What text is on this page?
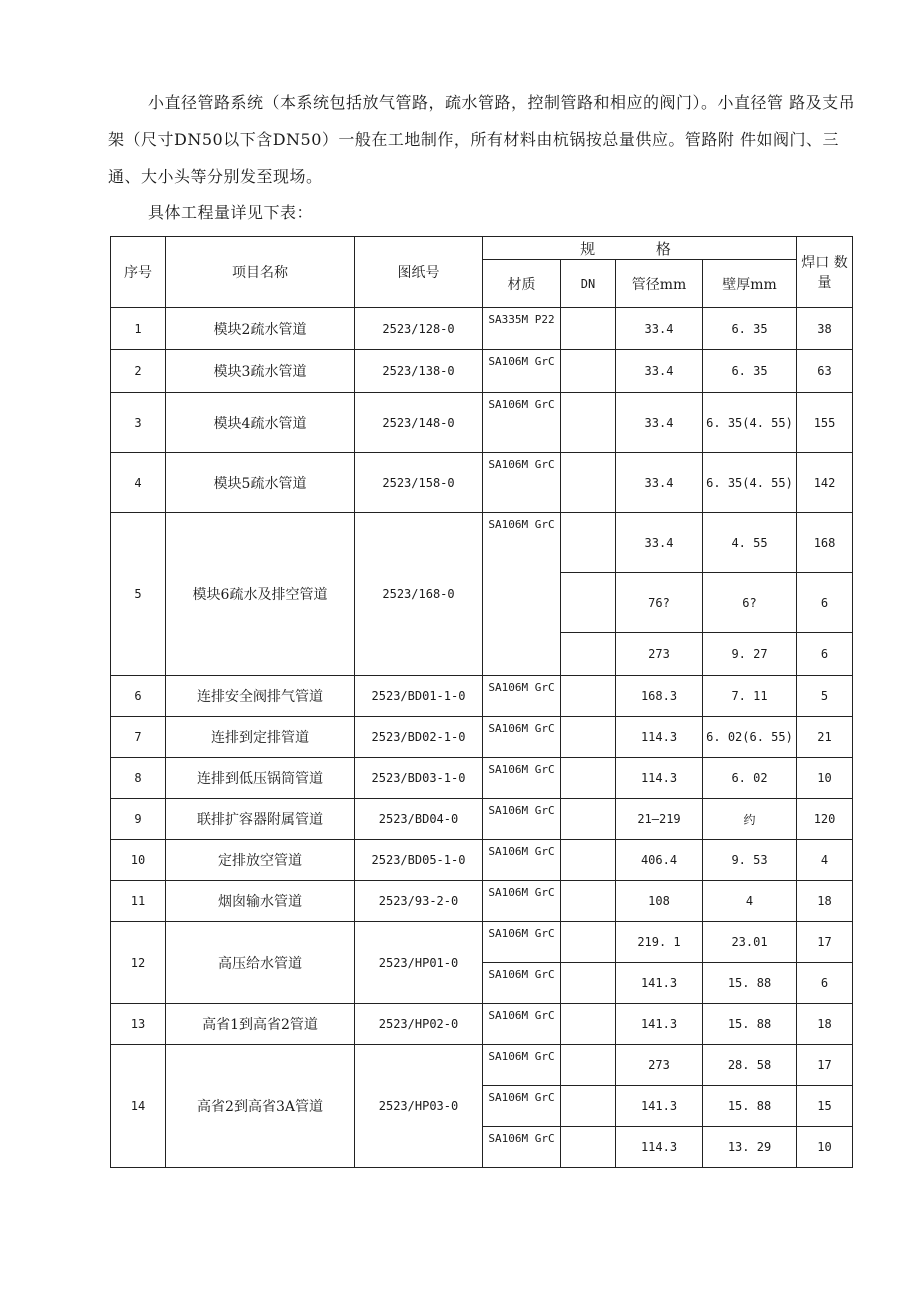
小直径管路系统（本系统包括放气管路，疏水管路，控制管路和相应的阀门）。小直径管 路及支吊架（尺寸DN50以下含DN50）一般在工地制作，所有材料由杭锅按总量供应。管路附 件如阀门、三通、大小头等分别发至现场。

具体工程量详见下表：

序号	项目名称	图纸号	规 格				焊口 数量
			材质	DN	管径mm	壁厚mm	
1	模块2疏水管道	2523/128-0	SA335M P22		33.4	6. 35	38
2	模块3疏水管道	2523/138-0	SA106M GrC		33.4	6. 35	63
3	模块4疏水管道	2523/148-0	SA106M GrC		33.4	6. 35(4. 55)	155
4	模块5疏水管道	2523/158-0	SA106M GrC		33.4	6. 35(4. 55)	142
5	模块6疏水及排空管道	2523/168-0	SA106M GrC		33.4	4. 55	168
					76?	6?	6
					273	9. 27	6
6	连排安全阀排气管道	2523/BD01-1-0	SA106M GrC		168.3	7. 11	5
7	连排到定排管道	2523/BD02-1-0	SA106M GrC		114.3	6. 02(6. 55)	21
8	连排到低压锅筒管道	2523/BD03-1-0	SA106M GrC		114.3	6. 02	10
9	联排扩容器附属管道	2523/BD04-0	SA106M GrC		21—219	约	120
10	定排放空管道	2523/BD05-1-0	SA106M GrC		406.4	9. 53	4
11	烟囱输水管道	2523/93-2-0	SA106M GrC		108	4	18
12	高压给水管道	2523/HP01-0	SA106M GrC		219. 1	23.01	17
			SA106M GrC		141.3	15. 88	6
13	高省1到高省2管道	2523/HP02-0	SA106M GrC		141.3	15. 88	18
14	高省2到高省3A管道	2523/HP03-0	SA106M GrC		273	28. 58	17
			SA106M GrC		141.3	15. 88	15
			SA106M GrC		114.3	13. 29	10
